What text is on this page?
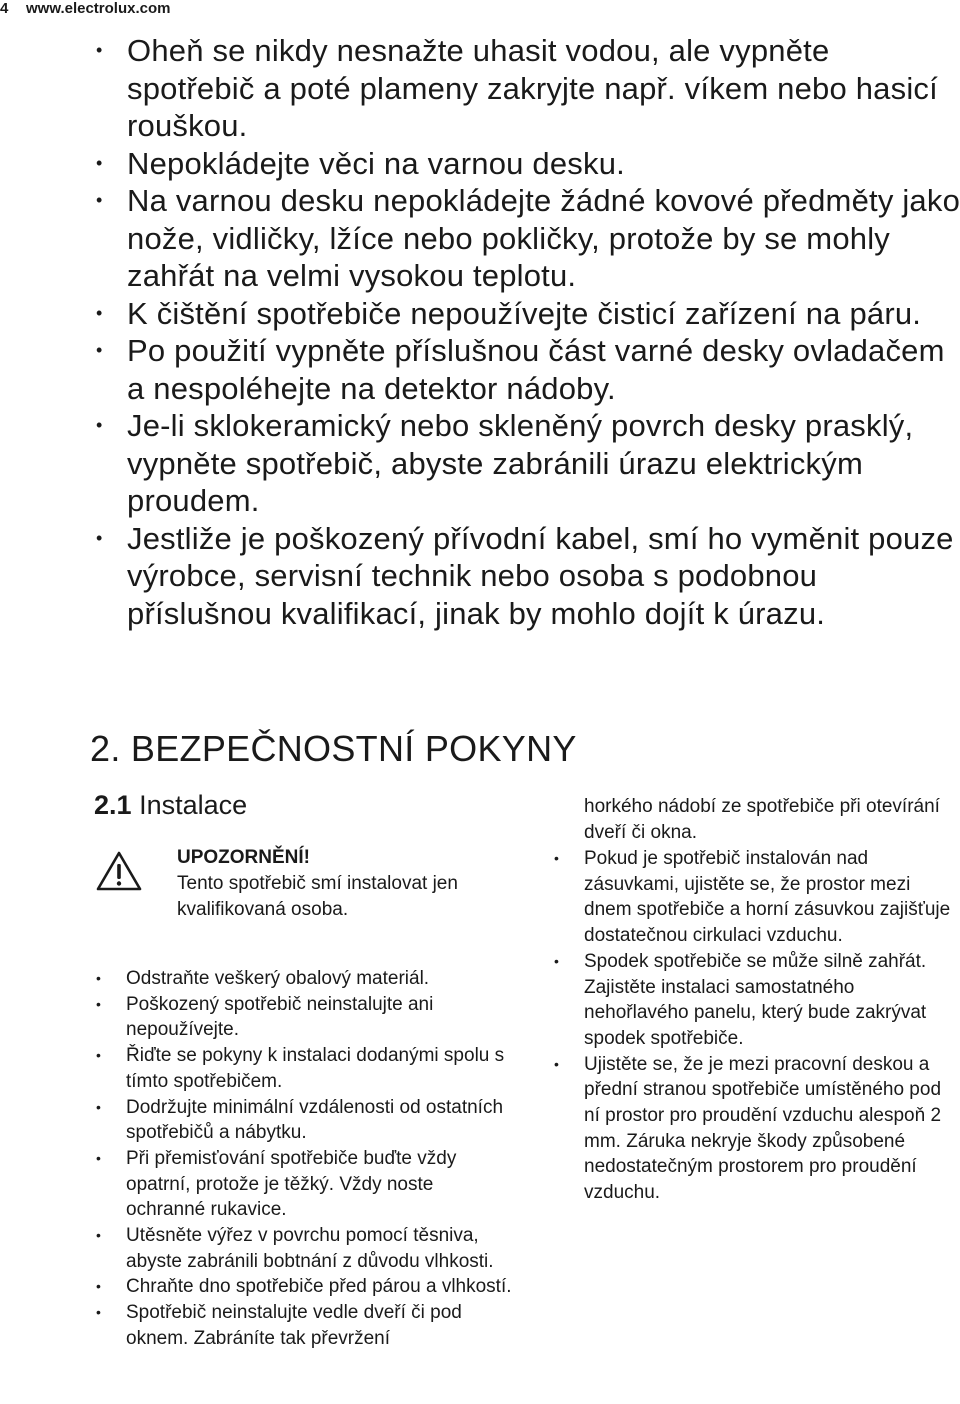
4 www.electrolux.com
• Oheň se nikdy nesnažte uhasit vodou, ale vypněte spotřebič a poté plameny zakryjte např. víkem nebo hasicí rouškou.
• Nepokládejte věci na varnou desku.
• Na varnou desku nepokládejte žádné kovové předměty jako nože, vidličky, lžíce nebo pokličky, protože by se mohly zahřát na velmi vysokou teplotu.
• K čištění spotřebiče nepoužívejte čisticí zařízení na páru.
• Po použití vypněte příslušnou část varné desky ovladačem a nespoléhejte na detektor nádoby.
• Je-li sklokeramický nebo skleněný povrch desky prasklý, vypněte spotřebič, abyste zabránili úrazu elektrickým proudem.
• Jestliže je poškozený přívodní kabel, smí ho vyměnit pouze výrobce, servisní technik nebo osoba s podobnou příslušnou kvalifikací, jinak by mohlo dojít k úrazu.
2. BEZPEČNOSTNÍ POKYNY
2.1 Instalace
UPOZORNĚNÍ!
Tento spotřebič smí instalovat jen kvalifikovaná osoba.
• Odstraňte veškerý obalový materiál.
• Poškozený spotřebič neinstalujte ani nepoužívejte.
• Řiďte se pokyny k instalaci dodanými spolu s tímto spotřebičem.
• Dodržujte minimální vzdálenosti od ostatních spotřebičů a nábytku.
• Při přemisťování spotřebiče buďte vždy opatrní, protože je těžký. Vždy noste ochranné rukavice.
• Utěsněte výřez v povrchu pomocí těsniva, abyste zabránili bobtnání z důvodu vlhkosti.
• Chraňte dno spotřebiče před párou a vlhkostí.
• Spotřebič neinstalujte vedle dveří či pod oknem. Zabráníte tak převržení
horkého nádobí ze spotřebiče při otevírání dveří či okna.
• Pokud je spotřebič instalován nad zásuvkami, ujistěte se, že prostor mezi dnem spotřebiče a horní zásuvkou zajišťuje dostatečnou cirkulaci vzduchu.
• Spodek spotřebiče se může silně zahřát. Zajistěte instalaci samostatného nehořlavého panelu, který bude zakrývat spodek spotřebiče.
• Ujistěte se, že je mezi pracovní deskou a přední stranou spotřebiče umístěného pod ní prostor pro proudění vzduchu alespoň 2 mm. Záruka nekryje škody způsobené nedostatečným prostorem pro proudění vzduchu.
